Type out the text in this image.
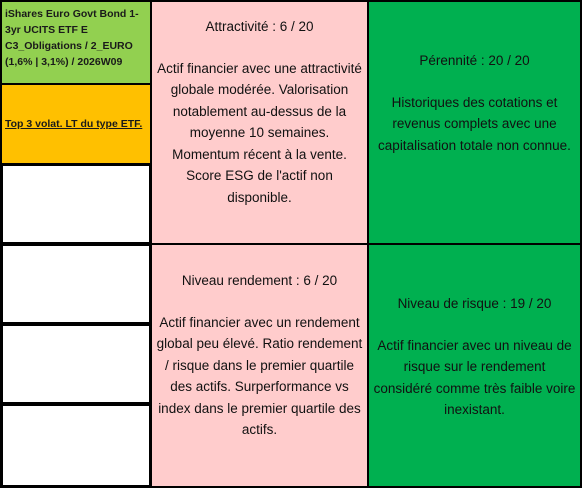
iShares Euro Govt Bond 1-3yr UCITS ETF E C3_Obligations / 2_EURO (1,6% | 3,1%) / 2026W09
Top 3 volat. LT du type ETF.
Attractivité : 6 / 20
Actif financier avec une attractivité globale modérée. Valorisation notablement au-dessus de la moyenne 10 semaines. Momentum récent à la vente. Score ESG de l'actif non disponible.
Pérennité : 20 / 20
Historiques des cotations et revenus complets avec une capitalisation totale non connue.
Niveau rendement : 6 / 20
Actif financier avec un rendement global peu élevé. Ratio rendement / risque dans le premier quartile des actifs. Surperformance vs index dans le premier quartile des actifs.
Niveau de risque : 19 / 20
Actif financier avec un niveau de risque sur le rendement considéré comme très faible voire inexistant.
